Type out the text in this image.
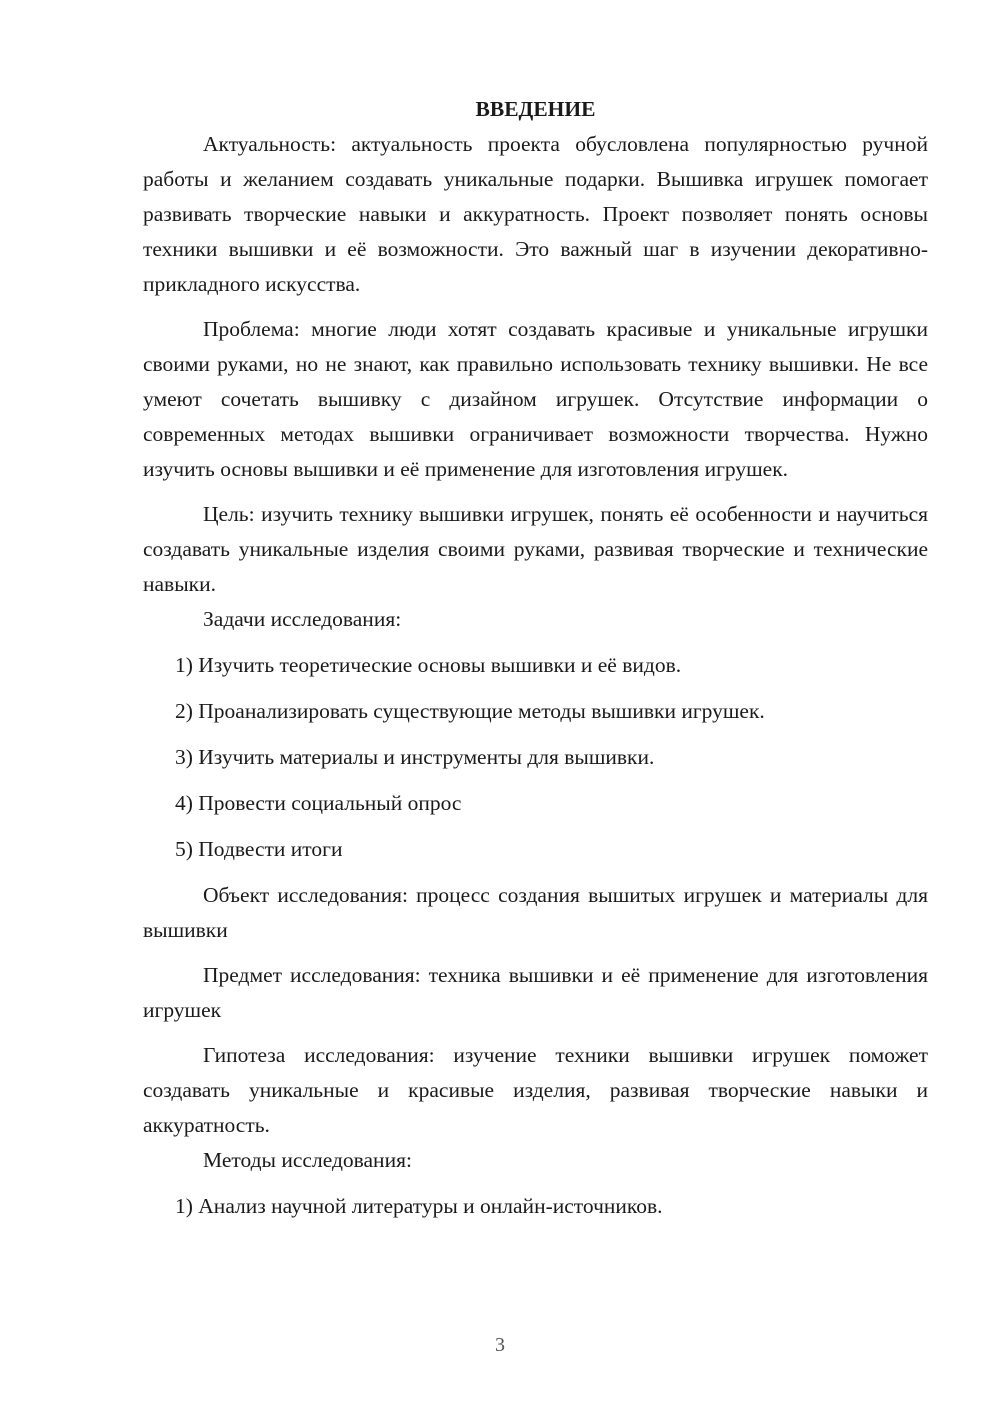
ВВЕДЕНИЕ

Актуальность: актуальность проекта обусловлена популярностью ручной работы и желанием создавать уникальные подарки. Вышивка игрушек помогает развивать творческие навыки и аккуратность. Проект позволяет понять основы техники вышивки и её возможности. Это важный шаг в изучении декоративно-прикладного искусства.

Проблема: многие люди хотят создавать красивые и уникальные игрушки своими руками, но не знают, как правильно использовать технику вышивки. Не все умеют сочетать вышивку с дизайном игрушек. Отсутствие информации о современных методах вышивки ограничивает возможности творчества. Нужно изучить основы вышивки и её применение для изготовления игрушек.

Цель: изучить технику вышивки игрушек, понять её особенности и научиться создавать уникальные изделия своими руками, развивая творческие и технические навыки.

Задачи исследования:

1) Изучить теоретические основы вышивки и её видов.

2) Проанализировать существующие методы вышивки игрушек.

3) Изучить материалы и инструменты для вышивки.

4) Провести социальный опрос

5) Подвести итоги

Объект исследования: процесс создания вышитых игрушек и материалы для вышивки

Предмет исследования: техника вышивки и её применение для изготовления игрушек

Гипотеза исследования: изучение техники вышивки игрушек поможет создавать уникальные и красивые изделия, развивая творческие навыки и аккуратность.

Методы исследования:

1) Анализ научной литературы и онлайн-источников.

3
